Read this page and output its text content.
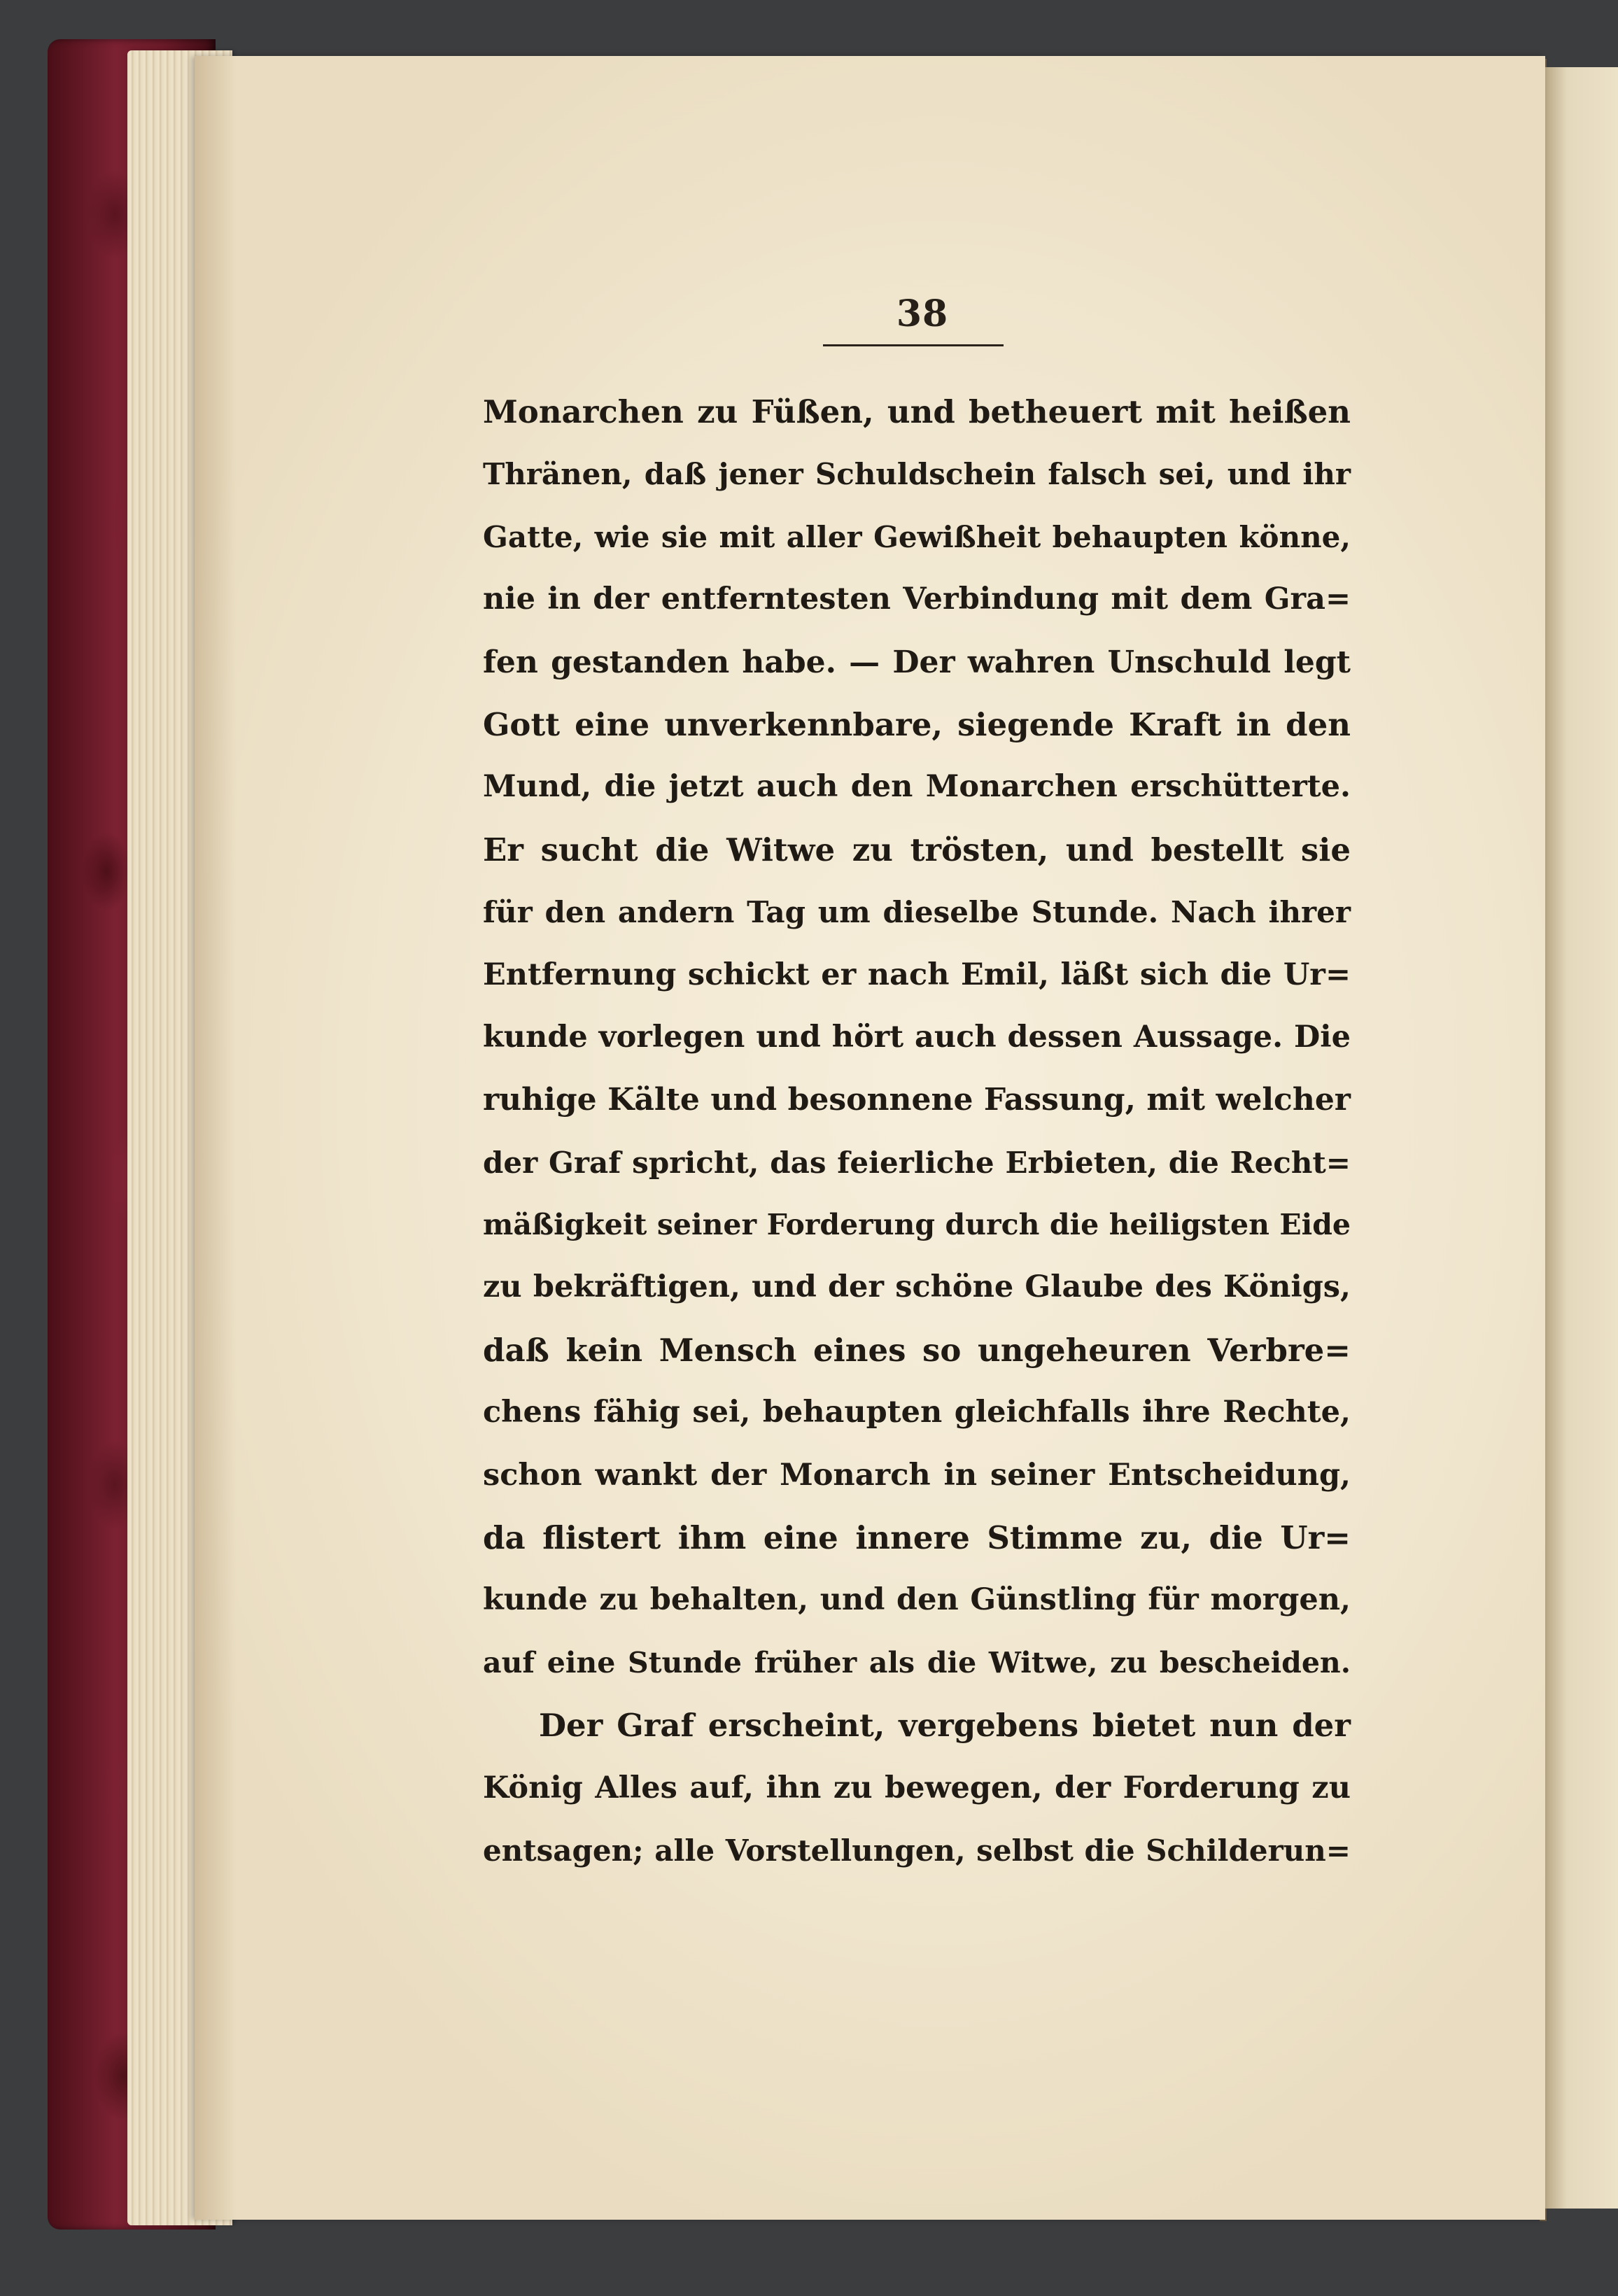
38
Monarchen zu Füßen, und betheuert mit heißen
Thränen, daß jener Schuldschein falsch sei, und ihr
Gatte, wie sie mit aller Gewißheit behaupten könne,
nie in der entferntesten Verbindung mit dem Gra=
fen gestanden habe. — Der wahren Unschuld legt
Gott eine unverkennbare, siegende Kraft in den
Mund, die jetzt auch den Monarchen erschütterte.
Er sucht die Witwe zu trösten, und bestellt sie
für den andern Tag um dieselbe Stunde. Nach ihrer
Entfernung schickt er nach Emil, läßt sich die Ur=
kunde vorlegen und hört auch dessen Aussage. Die
ruhige Kälte und besonnene Fassung, mit welcher
der Graf spricht, das feierliche Erbieten, die Recht=
mäßigkeit seiner Forderung durch die heiligsten Eide
zu bekräftigen, und der schöne Glaube des Königs,
daß kein Mensch eines so ungeheuren Verbre=
chens fähig sei, behaupten gleichfalls ihre Rechte,
schon wankt der Monarch in seiner Entscheidung,
da flistert ihm eine innere Stimme zu, die Ur=
kunde zu behalten, und den Günstling für morgen,
auf eine Stunde früher als die Witwe, zu bescheiden.
Der Graf erscheint, vergebens bietet nun der
König Alles auf, ihn zu bewegen, der Forderung zu
entsagen; alle Vorstellungen, selbst die Schilderun=
